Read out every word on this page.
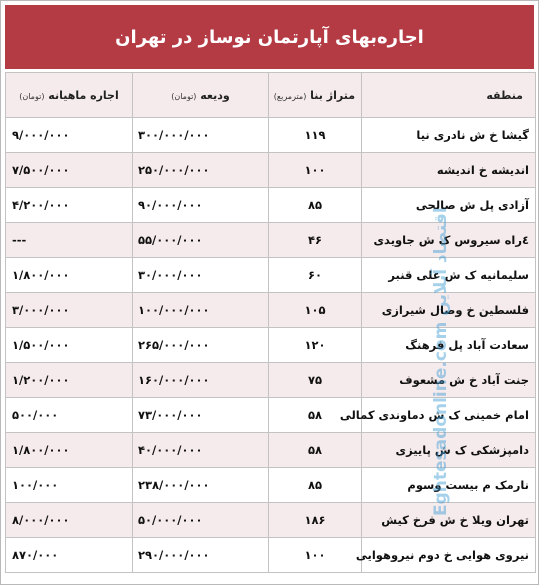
اجاره‌بهای آپارتمان نوساز در تهران
منطقه	متراژ بنا (مترمربع)	ودیعه (تومان)	اجاره ماهیانه (تومان)
گیشا خ ش نادری نیا	۱۱۹	۳۰۰/۰۰۰/۰۰۰	۹/۰۰۰/۰۰۰
اندیشه خ اندیشه	۱۰۰	۲۵۰/۰۰۰/۰۰۰	۷/۵۰۰/۰۰۰
آزادی پل ش صالحی	۸۵	۹۰/۰۰۰/۰۰۰	۴/۲۰۰/۰۰۰
٤راه سیروس ک ش جاویدی	۴۶	۵۵/۰۰۰/۰۰۰	---
سلیمانیه ک ش علی قنبر	۶۰	۳۰/۰۰۰/۰۰۰	۱/۸۰۰/۰۰۰
فلسطین خ وصال شیرازی	۱۰۵	۱۰۰/۰۰۰/۰۰۰	۳/۰۰۰/۰۰۰
سعادت آباد پل فرهنگ	۱۲۰	۲۶۵/۰۰۰/۰۰۰	۱/۵۰۰/۰۰۰
جنت آباد خ ش مشعوف	۷۵	۱۶۰/۰۰۰/۰۰۰	۱/۲۰۰/۰۰۰
امام خمینی ک ش دماوندی کمالی	۵۸	۷۳/۰۰۰/۰۰۰	۵۰۰/۰۰۰
دامپزشکی ک ش پاییزی	۵۸	۴۰/۰۰۰/۰۰۰	۱/۸۰۰/۰۰۰
نارمک م بیست وسوم	۸۵	۲۳۸/۰۰۰/۰۰۰	۱۰۰/۰۰۰
تهران ویلا خ ش فرخ کیش	۱۸۶	۵۰/۰۰۰/۰۰۰	۸/۰۰۰/۰۰۰
نیروی هوایی خ دوم نیروهوایی	۱۰۰	۲۹۰/۰۰۰/۰۰۰	۸۷۰/۰۰۰
Eghtesadonline.com اقتصاد آنلاین
